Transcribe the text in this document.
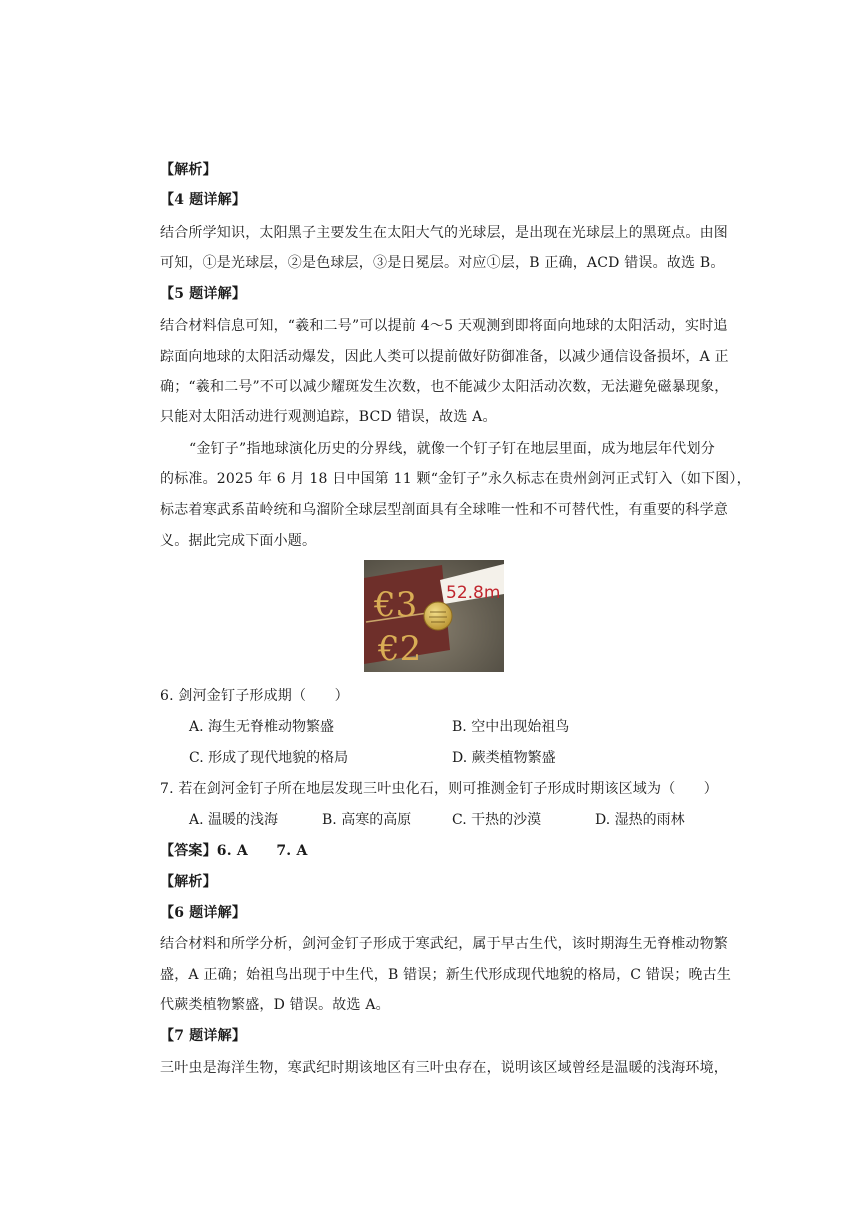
【解析】
【4 题详解】
结合所学知识，太阳黑子主要发生在太阳大气的光球层，是出现在光球层上的黑斑点。由图
可知，①是光球层，②是色球层，③是日冕层。对应①层，B 正确，ACD 错误。故选 B。
【5 题详解】
结合材料信息可知，“羲和二号”可以提前 4～5 天观测到即将面向地球的太阳活动，实时追
踪面向地球的太阳活动爆发，因此人类可以提前做好防御准备，以减少通信设备损坏，A 正
确；“羲和二号”不可以减少耀斑发生次数，也不能减少太阳活动次数，无法避免磁暴现象，
只能对太阳活动进行观测追踪，BCD 错误，故选 A。
“金钉子”指地球演化历史的分界线，就像一个钉子钉在地层里面，成为地层年代划分
的标准。2025 年 6 月 18 日中国第 11 颗“金钉子”永久标志在贵州剑河正式钉入（如下图），
标志着寒武系苗岭统和乌溜阶全球层型剖面具有全球唯一性和不可替代性，有重要的科学意
义。据此完成下面小题。
52.8m
€3
€2
6. 剑河金钉子形成期（　　）
A. 海生无脊椎动物繁盛	B. 空中出现始祖鸟
C. 形成了现代地貌的格局	D. 蕨类植物繁盛
7. 若在剑河金钉子所在地层发现三叶虫化石，则可推测金钉子形成时期该区域为（　　）
A. 温暖的浅海	B. 高寒的高原	C. 干热的沙漠	D. 湿热的雨林
【答案】6. A　　7. A
【解析】
【6 题详解】
结合材料和所学分析，剑河金钉子形成于寒武纪，属于早古生代，该时期海生无脊椎动物繁
盛，A 正确；始祖鸟出现于中生代，B 错误；新生代形成现代地貌的格局，C 错误；晚古生
代蕨类植物繁盛，D 错误。故选 A。
【7 题详解】
三叶虫是海洋生物，寒武纪时期该地区有三叶虫存在，说明该区域曾经是温暖的浅海环境，
